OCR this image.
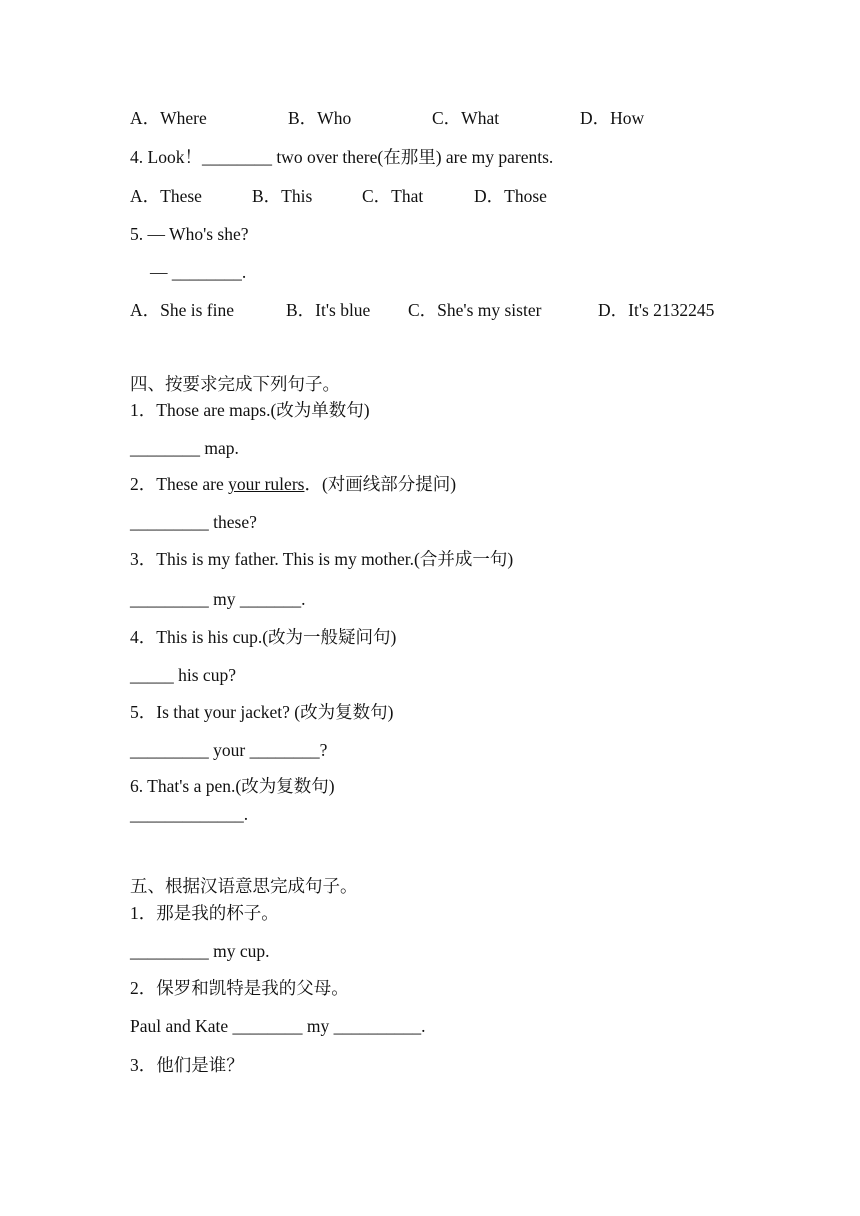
A．Where	B．Who	C．What	D．How
4. Look！________ two over there(在那里) are my parents.
A．These	B．This	C．That	D．Those
5. — Who's she?
— ________.
A．She is fine	B．It's blue C．She's my sister	D．It's 2132245
四、按要求完成下列句子。
1．Those are maps.(改为单数句)
________ map.
2．These are your rulers．(对画线部分提问)
_________ these?
3．This is my father. This is my mother.(合并成一句)
_________ my _______.
4．This is his cup.(改为一般疑问句)
_____ his cup?
5．Is that your jacket? (改为复数句)
_________ your ________?
6. That's a pen.(改为复数句)
_____________.
五、根据汉语意思完成句子。
1．那是我的杯子。
_________ my cup.
2．保罗和凯特是我的父母。
Paul and Kate ________ my __________.
3．他们是谁？
